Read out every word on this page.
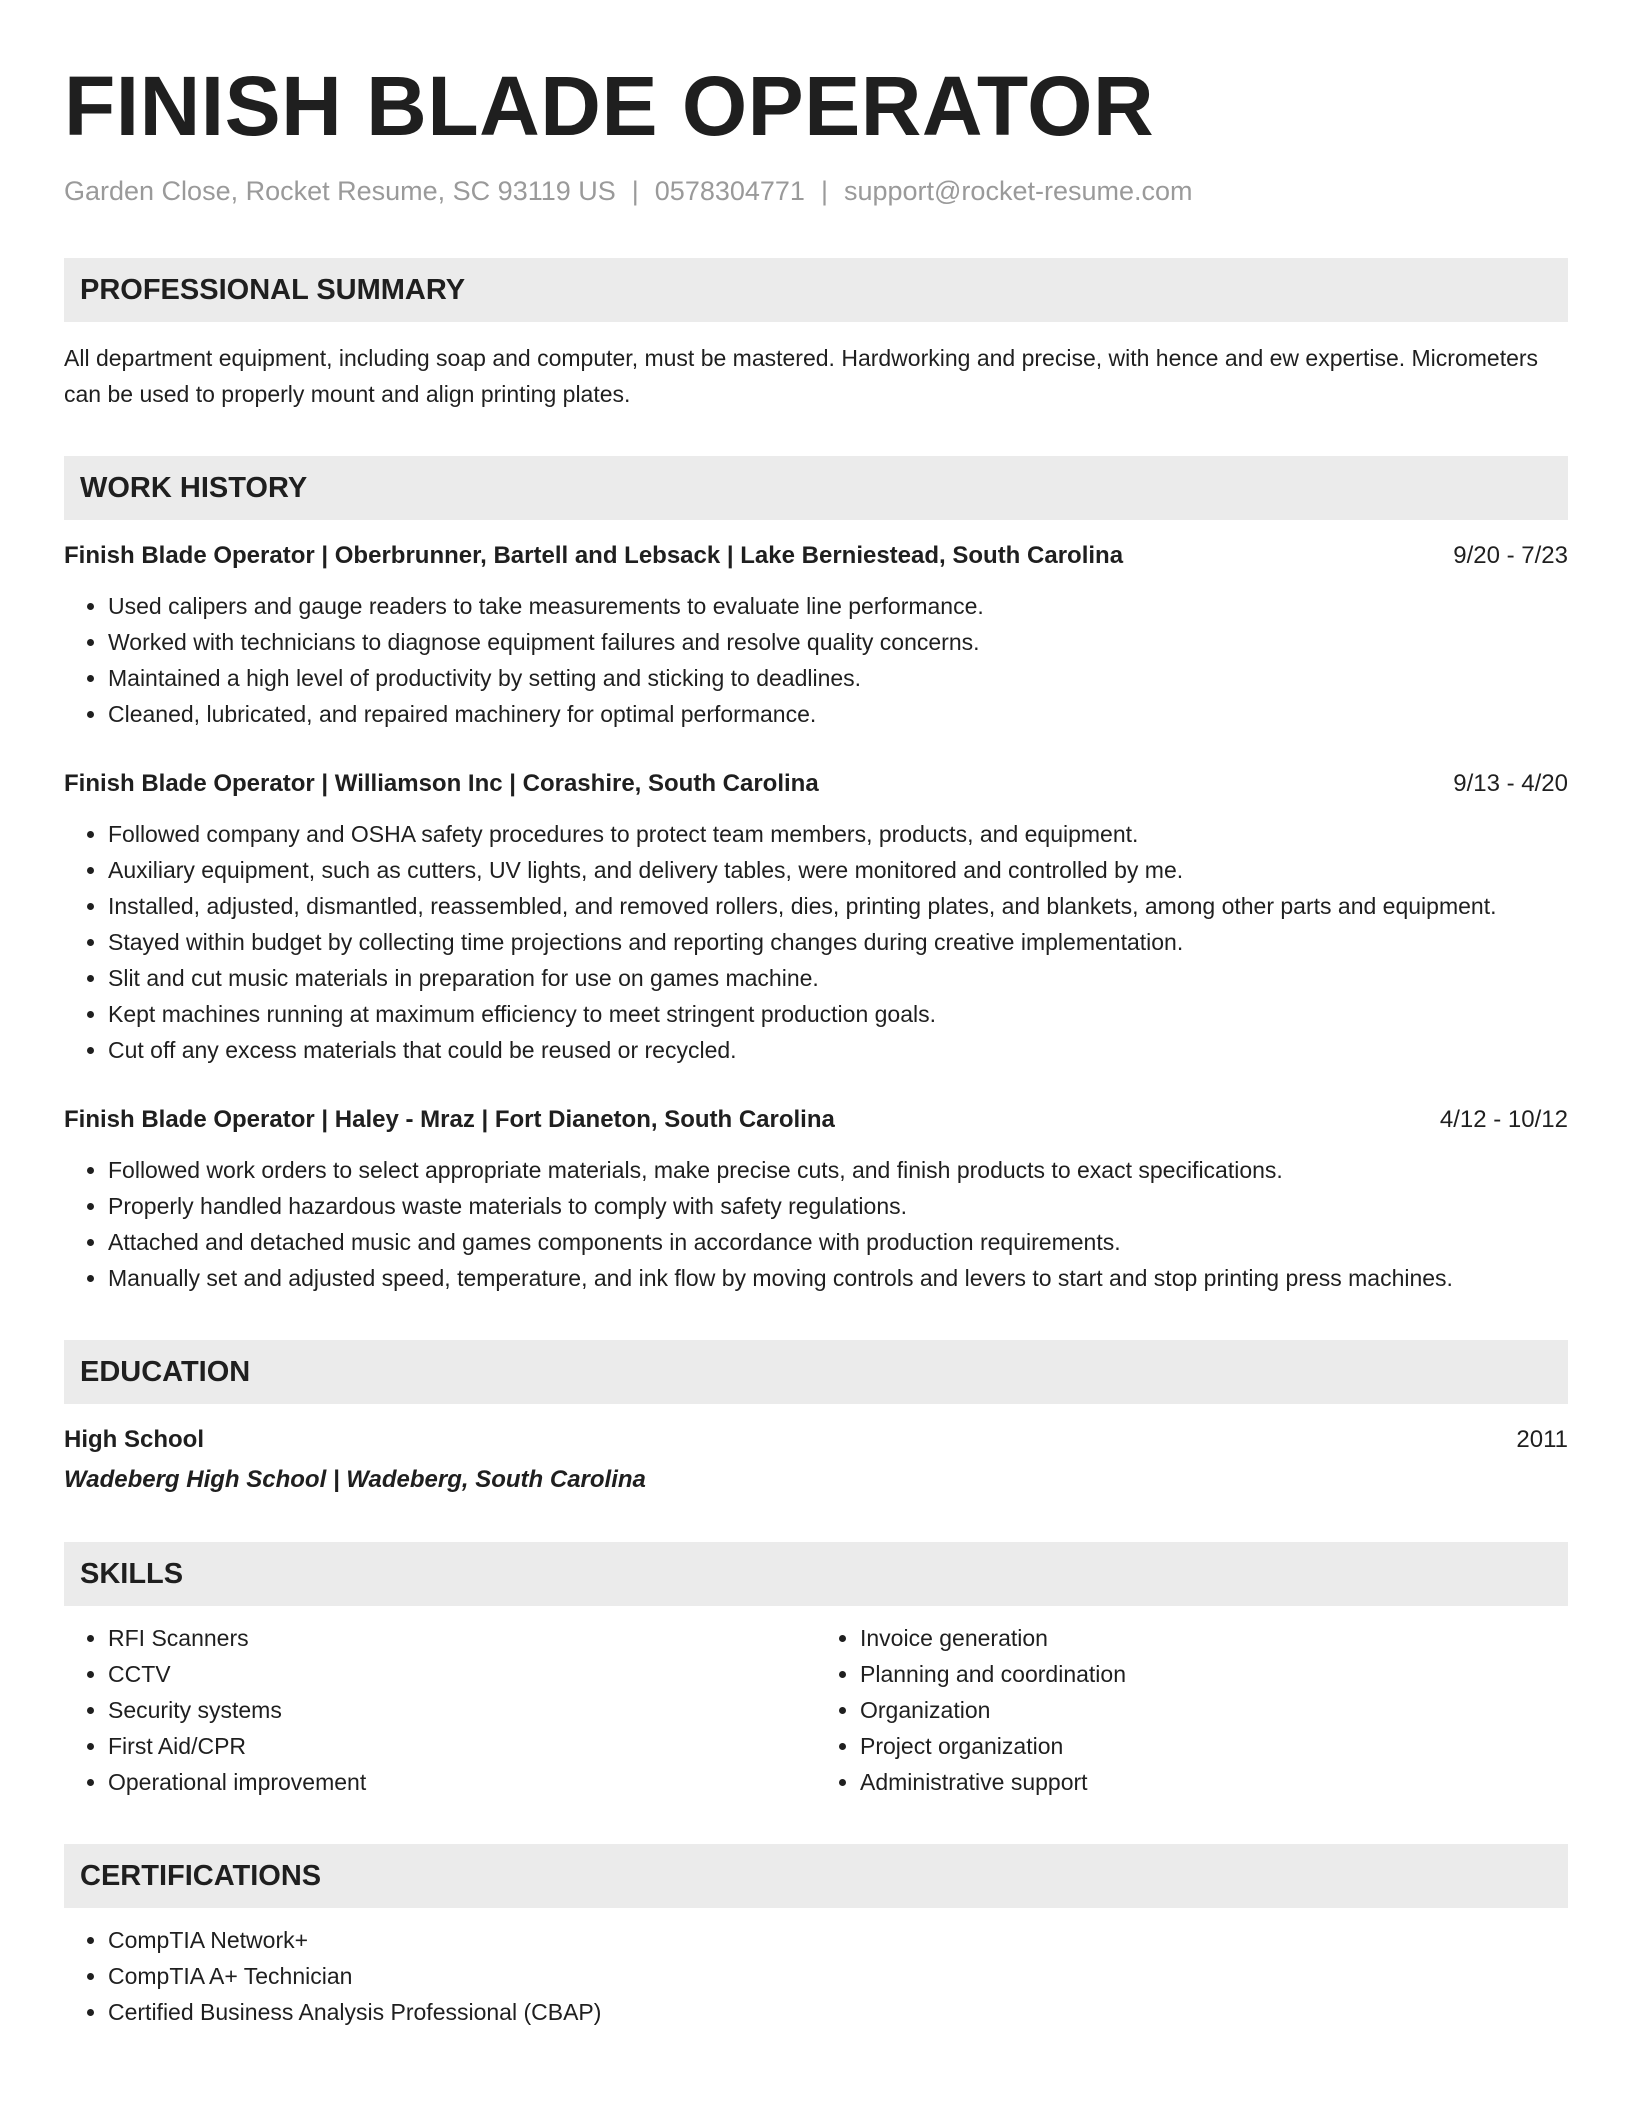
FINISH BLADE OPERATOR
Garden Close, Rocket Resume, SC 93119 US | 0578304771 | support@rocket-resume.com
PROFESSIONAL SUMMARY
All department equipment, including soap and computer, must be mastered. Hardworking and precise, with hence and ew expertise. Micrometers can be used to properly mount and align printing plates.
WORK HISTORY
Finish Blade Operator | Oberbrunner, Bartell and Lebsack | Lake Berniestead, South Carolina	9/20 - 7/23
• Used calipers and gauge readers to take measurements to evaluate line performance.
• Worked with technicians to diagnose equipment failures and resolve quality concerns.
• Maintained a high level of productivity by setting and sticking to deadlines.
• Cleaned, lubricated, and repaired machinery for optimal performance.
Finish Blade Operator | Williamson Inc | Corashire, South Carolina	9/13 - 4/20
• Followed company and OSHA safety procedures to protect team members, products, and equipment.
• Auxiliary equipment, such as cutters, UV lights, and delivery tables, were monitored and controlled by me.
• Installed, adjusted, dismantled, reassembled, and removed rollers, dies, printing plates, and blankets, among other parts and equipment.
• Stayed within budget by collecting time projections and reporting changes during creative implementation.
• Slit and cut music materials in preparation for use on games machine.
• Kept machines running at maximum efficiency to meet stringent production goals.
• Cut off any excess materials that could be reused or recycled.
Finish Blade Operator | Haley - Mraz | Fort Dianeton, South Carolina	4/12 - 10/12
• Followed work orders to select appropriate materials, make precise cuts, and finish products to exact specifications.
• Properly handled hazardous waste materials to comply with safety regulations.
• Attached and detached music and games components in accordance with production requirements.
• Manually set and adjusted speed, temperature, and ink flow by moving controls and levers to start and stop printing press machines.
EDUCATION
High School	2011
Wadeberg High School | Wadeberg, South Carolina
SKILLS
• RFI Scanners
• CCTV
• Security systems
• First Aid/CPR
• Operational improvement
• Invoice generation
• Planning and coordination
• Organization
• Project organization
• Administrative support
CERTIFICATIONS
• CompTIA Network+
• CompTIA A+ Technician
• Certified Business Analysis Professional (CBAP)
